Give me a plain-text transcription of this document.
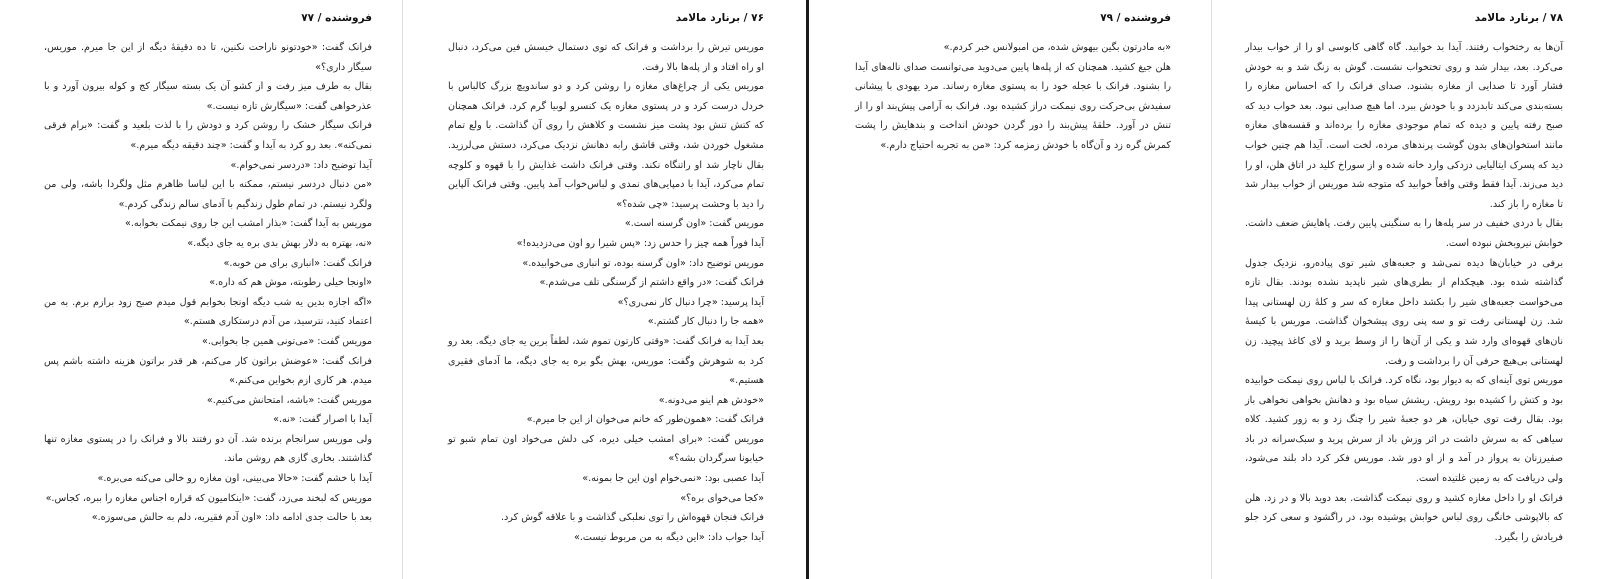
فروشنده / ۷۷

فرانک گفت: «خودتونو ناراحت نکنین، تا ده دقیقهٔ دیگه از این جا میرم. موریس، سیگار داری؟»

بقال به طرف میز رفت و از کشو آن یک بسته سیگار کج و کوله بیرون آورد و با عذرخواهی گفت: «سیگارش تازه نیست.»

فرانک سیگار خشک را روشن کرد و دودش را با لذت بلعید و گفت: «برام فرقی نمی‌کنه». بعد رو کرد به آیدا و گفت: «چند دقیقه دیگه میرم.»

آیدا توضیح داد: «دردسر نمی‌خوام.»

«من دنبال دردسر نیستم، ممکنه با این لباسا ظاهرم مثل ولگردا باشه، ولی من ولگرد نیستم. در تمام طول زندگیم با آدمای سالم زندگی کردم.»

موریس به آیدا گفت: «بذار امشب این جا روی نیمکت بخوابه.»

«نه، بهتره به دلار بهش بدی بره یه جای دیگه.»

فرانک گفت: «انباری برای من خوبه.»

«اونجا خیلی رطوبته، موش هم که داره.»

«اگه اجازه بدین یه شب دیگه اونجا بخوابم قول میدم صبح زود برازم برم. به من اعتماد کنید، نترسید، من آدم درستکاری هستم.»

موریس گفت: «می‌تونی همین جا بخوابی.»

فرانک گفت: «عوضش براتون کار می‌کنم، هر قدر براتون هزینه داشته باشم پس میدم. هر کاری ازم بخواین می‌کنم.»

موریس گفت: «باشه، امتحانش می‌کنیم.»

آیدا با اصرار گفت: «نه.»

ولی موریس سرانجام برنده شد. آن دو رفتند بالا و فرانک را در پستوی مغازه تنها گذاشتند. بخاری گازی هم روشن ماند.

آیدا با خشم گفت: «حالا می‌بینی، اون مغازه رو خالی می‌کنه می‌بره.»

موریس که لبخند می‌زد، گفت: «اینکامیون که قراره اجناس مغازه را ببره، کجاس.»

بعد با حالت جدی ادامه داد: «اون آدم فقیریه، دلم به حالش می‌سوزه.»

۷۶ / برنارد مالامد

موریس تیرش را برداشت و فرانک که توی دستمال خیسش فین می‌کرد، دنبال او راه افتاد و از پله‌ها بالا رفت.

موریس یکی از چراغ‌های مغازه را روشن کرد و دو ساندویچ بزرگ کالباس با خردل درست کرد و در پستوی مغازه یک کنسرو لوبیا گرم کرد. فرانک همچنان که کتش تنش بود پشت میز نشست و کلاهش را روی آن گذاشت. با ولع تمام مشغول خوردن شد، وقتی قاشق رابه دهانش نزدیک می‌کرد، دستش می‌لرزید. بقال ناچار شد او راتنگاه نکند. وقتی فرانک داشت غذایش را با قهوه و کلوچه تمام می‌کرد، آیدا با دمپایی‌های نمدی و لباس‌خواب آمد پایین. وقتی فرانک آلپاین را دید با وحشت پرسید: «چی شده؟»

موریس گفت: «اون گرسنه است.»

آیدا فوراً همه چیز را حدس زد: «پس شیرا رو اون می‌دزدیده!»

موریس توضیح داد: «اون گرسنه بوده، تو انباری می‌خوابیده.»

فرانک گفت: «در واقع داشتم از گرسنگی تلف می‌شدم.»

آیدا پرسید: «چرا دنبال کار نمی‌ری؟»

«همه جا را دنبال کار گشتم.»

بعد آیدا به فرانک گفت: «وقتی کارتون تموم شد، لطفاً برین یه جای دیگه. بعد رو کرد به شوهرش وگفت: موریس، بهش بگو بره یه جای دیگه، ما آدمای فقیری هستیم.»

«خودش هم اینو می‌دونه.»

فرانک گفت: «همون‌طور که خانم می‌خوان از این جا میرم.»

موریس گفت: «برای امشب خیلی دیره، کی دلش می‌خواد اون تمام شبو تو خیابونا سرگردان بشه؟»

آیدا عصبی بود: «نمی‌خوام اون این جا بمونه.»

«کجا می‌خوای بره؟»

فرانک فنجان قهوه‌اش را توی نعلبکی گذاشت و با علاقه گوش کرد.

آیدا جواب داد: «این دیگه به من مربوط نیست.»

فروشنده / ۷۹

«به مادرتون بگین بیهوش شده، من امبولانس خبر کردم.»

هلن جیغ کشید. همچنان که از پله‌ها پایین می‌دوید می‌توانست صدای ناله‌های آیدا را بشنود. فرانک با عجله خود را به پستوی مغازه رساند. مرد یهودی با پیشانی سفیدش بی‌حرکت روی نیمکت دراز کشیده بود. فرانک به آرامی پیش‌بند او را از تنش در آورد. حلقهٔ پیش‌بند را دور گردن خودش انداخت و بندهایش را پشت کمرش گره زد و آن‌گاه با خودش زمزمه کرد: «من به تجربه احتیاج دارم.»

۷۸ / برنارد مالامد

آن‌ها به رختخواب رفتند. آیدا بد خوابید. گاه گاهی کابوسی او را از خواب بیدار می‌کرد. بعد، بیدار شد و روی تختخواب نشست. گوش به زنگ شد و به خودش فشار آورد تا صدایی از مغازه بشنود. صدای فرانک را که احساس مغازه را بسته‌بندی می‌کند تابدزدد و با خودش ببرد. اما هیچ صدایی نبود. بعد خواب دید که صبح رفته پایین و دیده که تمام موجودی مغازه را برده‌اند و قفسه‌های مغازه مانند استخوان‌های بدون گوشت پرندهای مرده، لخت است. آیدا هم چنین خواب دید که پسرک ایتالیایی دزدکی وارد خانه شده و از سوراخ کلید در اتاق هلن، او را دید می‌زند. آیدا فقط وقتی واقعاً خوابید که متوجه شد موریس از خواب بیدار شد تا مغازه را باز کند.

بقال با دردی خفیف در سر پله‌ها را به سنگینی پایین رفت. پاهایش ضعف داشت. خوابش نیروبخش نبوده است.

برفی در خیابان‌ها دیده نمی‌شد و جعبه‌های شیر توی پیاده‌رو، نزدیک جدول گذاشته شده بود. هیچکدام از بطری‌های شیر ناپدید نشده بودند. بقال تازه می‌خواست جعبه‌های شیر را بکشد داخل مغازه که سر و کلهٔ زن لهستانی پیدا شد. زن لهستانی رفت تو و سه پنی روی پیشخوان گذاشت. موریس با کیسهٔ نان‌های قهوه‌ای وارد شد و یکی از آن‌ها را از وسط برید و لای کاغذ پیچید. زن لهستانی بی‌هیچ حرفی آن را برداشت و رفت.

موریس توی آینه‌ای که به دیوار بود، نگاه کرد. فرانک با لباس روی نیمکت خوابیده بود و کتش را کشیده بود رویش. ریشش سیاه بود و دهانش بخواهی نخواهی باز بود. بقال رفت توی خیابان، هر دو جعبهٔ شیر را چنگ زد و به زور کشید. کلاه سیاهی که به سرش داشت در اثر وزش باد از سرش پرید و سبک‌سرانه در باد صفیرزنان به پرواز در آمد و از او دور شد. موریس فکر کرد داد بلند می‌شود، ولی دریافت که به زمین غلتیده است.

فرانک او را داخل مغازه کشید و روی نیمکت گذاشت. بعد دوید بالا و در زد. هلن که بالاپوشی خانگی روی لباس خوابش پوشیده بود، در راگشود و سعی کرد جلو فریادش را بگیرد.
